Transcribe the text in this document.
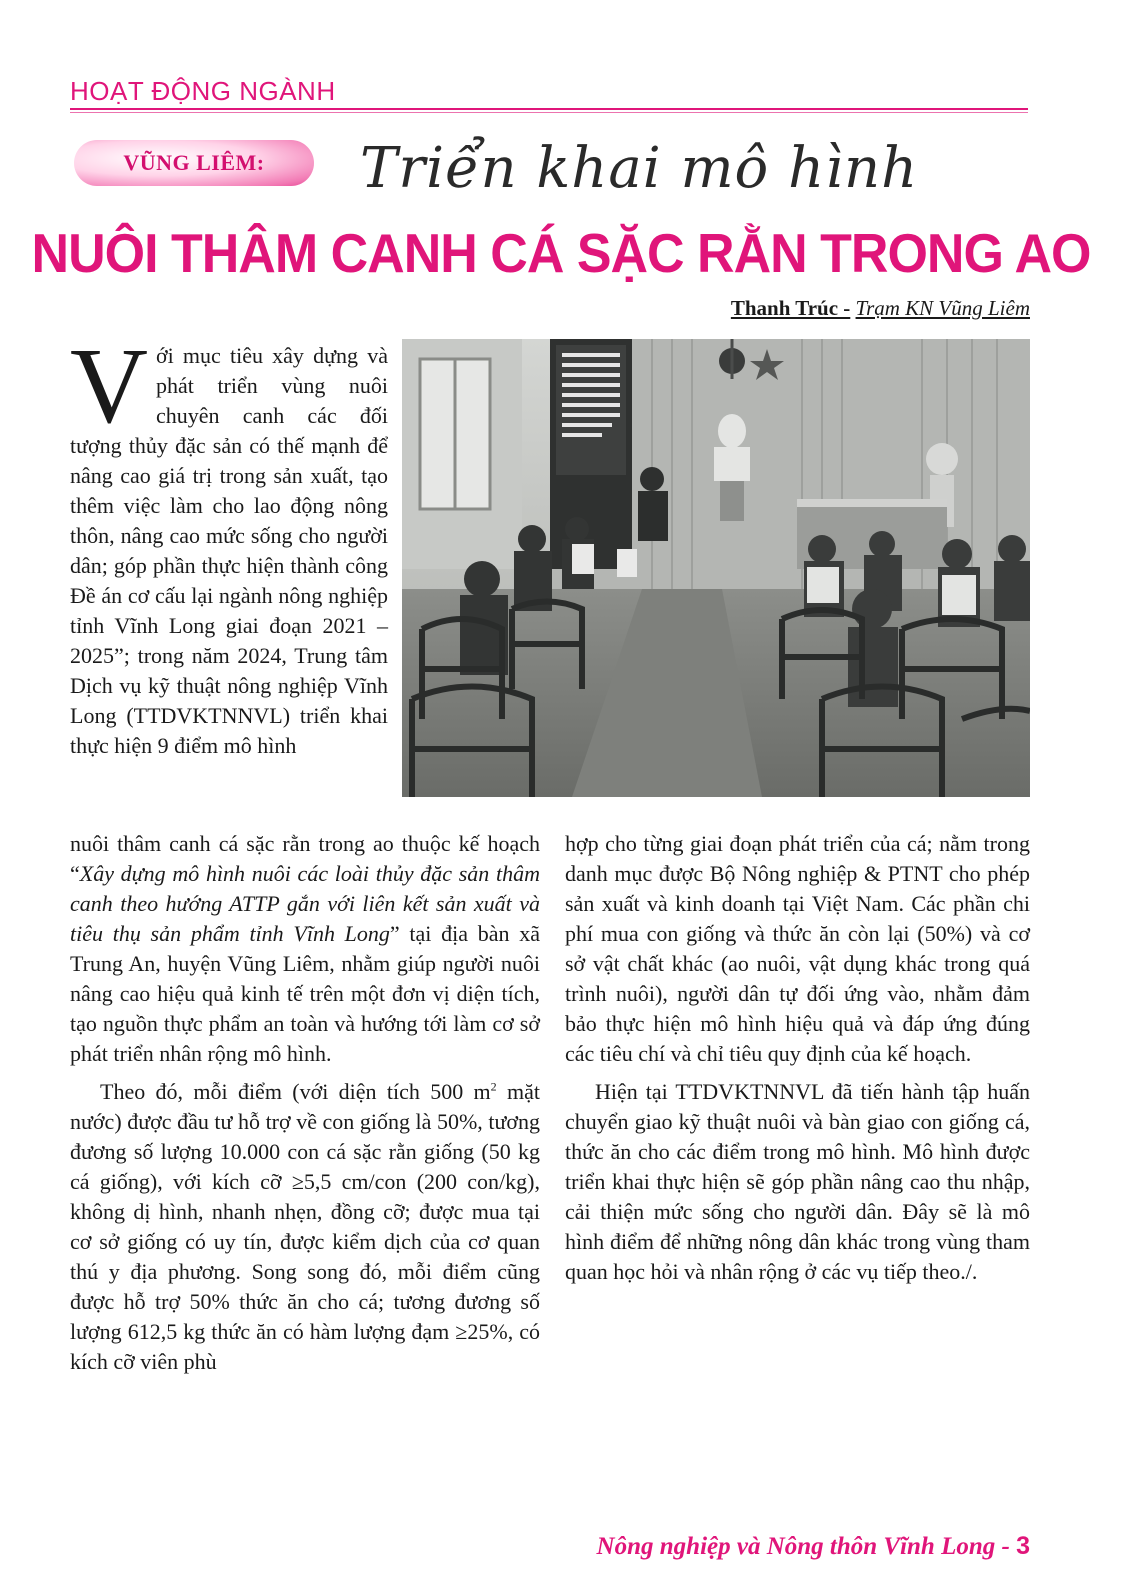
HOẠT ĐỘNG NGÀNH
VŨNG LIÊM: Triển khai mô hình
NUÔI THÂM CANH CÁ SẶC RẰN TRONG AO
Thanh Trúc - Trạm KN Vũng Liêm

Với mục tiêu xây dựng và phát triển vùng nuôi chuyên canh các đối tượng thủy đặc sản có thế mạnh để nâng cao giá trị trong sản xuất, tạo thêm việc làm cho lao động nông thôn, nâng cao mức sống cho người dân; góp phần thực hiện thành công Đề án cơ cấu lại ngành nông nghiệp tỉnh Vĩnh Long giai đoạn 2021 – 2025”; trong năm 2024, Trung tâm Dịch vụ kỹ thuật nông nghiệp Vĩnh Long (TTDVKTNNVL) triển khai thực hiện 9 điểm mô hình

nuôi thâm canh cá sặc rằn trong ao thuộc kế hoạch “Xây dựng mô hình nuôi các loài thủy đặc sản thâm canh theo hướng ATTP gắn với liên kết sản xuất và tiêu thụ sản phẩm tỉnh Vĩnh Long” tại địa bàn xã Trung An, huyện Vũng Liêm, nhằm giúp người nuôi nâng cao hiệu quả kinh tế trên một đơn vị diện tích, tạo nguồn thực phẩm an toàn và hướng tới làm cơ sở phát triển nhân rộng mô hình.

Theo đó, mỗi điểm (với diện tích 500 $m^2$ mặt nước) được đầu tư hỗ trợ về con giống là 50%, tương đương số lượng 10.000 con cá sặc rằn giống (50 kg cá giống), với kích cỡ ≥5,5 cm/con (200 con/kg), không dị hình, nhanh nhẹn, đồng cỡ; được mua tại cơ sở giống có uy tín, được kiểm dịch của cơ quan thú y địa phương. Song song đó, mỗi điểm cũng được hỗ trợ 50% thức ăn cho cá; tương đương số lượng 612,5 kg thức ăn có hàm lượng đạm ≥25%, có kích cỡ viên phù

hợp cho từng giai đoạn phát triển của cá; nằm trong danh mục được Bộ Nông nghiệp & PTNT cho phép sản xuất và kinh doanh tại Việt Nam. Các phần chi phí mua con giống và thức ăn còn lại (50%) và cơ sở vật chất khác (ao nuôi, vật dụng khác trong quá trình nuôi), người dân tự đối ứng vào, nhằm đảm bảo thực hiện mô hình hiệu quả và đáp ứng đúng các tiêu chí và chỉ tiêu quy định của kế hoạch.

Hiện tại TTDVKTNNVL đã tiến hành tập huấn chuyển giao kỹ thuật nuôi và bàn giao con giống cá, thức ăn cho các điểm trong mô hình. Mô hình được triển khai thực hiện sẽ góp phần nâng cao thu nhập, cải thiện mức sống cho người dân. Đây sẽ là mô hình điểm để những nông dân khác trong vùng tham quan học hỏi và nhân rộng ở các vụ tiếp theo./.

Nông nghiệp và Nông thôn Vĩnh Long - 3
